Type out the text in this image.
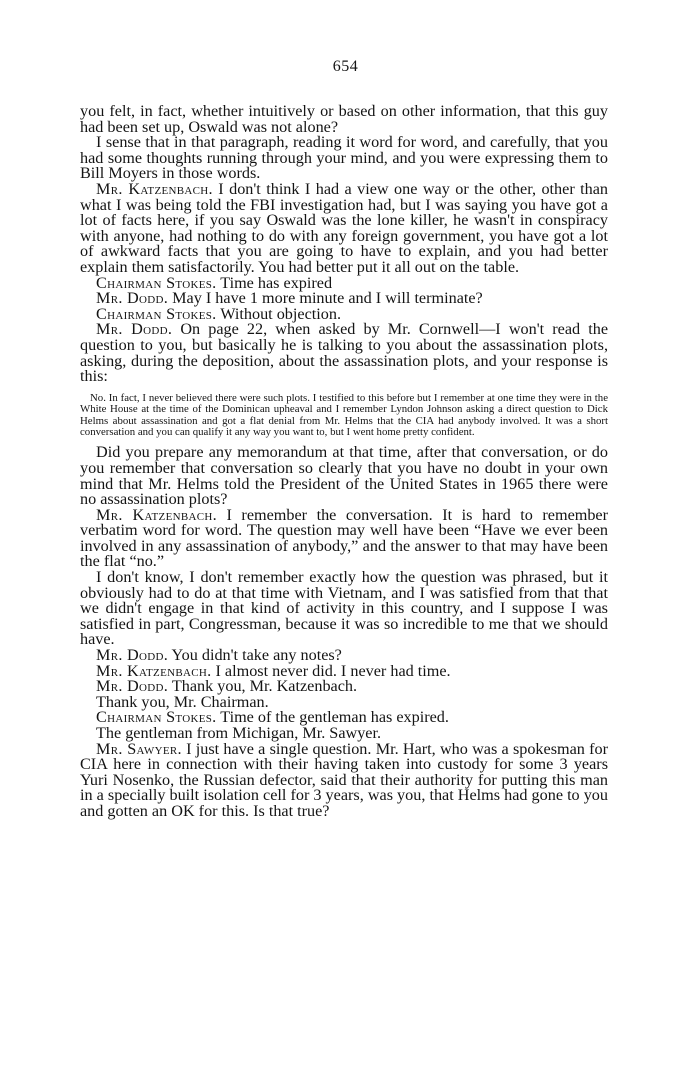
654

you felt, in fact, whether intuitively or based on other information, that this guy had been set up, Oswald was not alone?

I sense that in that paragraph, reading it word for word, and carefully, that you had some thoughts running through your mind, and you were expressing them to Bill Moyers in those words.

Mr. Katzenbach. I don't think I had a view one way or the other, other than what I was being told the FBI investigation had, but I was saying you have got a lot of facts here, if you say Oswald was the lone killer, he wasn't in conspiracy with anyone, had nothing to do with any foreign government, you have got a lot of awkward facts that you are going to have to explain, and you had better explain them satisfactorily. You had better put it all out on the table.

Chairman Stokes. Time has expired

Mr. Dodd. May I have 1 more minute and I will terminate?

Chairman Stokes. Without objection.

Mr. Dodd. On page 22, when asked by Mr. Cornwell—I won't read the question to you, but basically he is talking to you about the assassination plots, asking, during the deposition, about the assassination plots, and your response is this:

No. In fact, I never believed there were such plots. I testified to this before but I remember at one time they were in the White House at the time of the Dominican upheaval and I remember Lyndon Johnson asking a direct question to Dick Helms about assassination and got a flat denial from Mr. Helms that the CIA had anybody involved. It was a short conversation and you can qualify it any way you want to, but I went home pretty confident.

Did you prepare any memorandum at that time, after that conversation, or do you remember that conversation so clearly that you have no doubt in your own mind that Mr. Helms told the President of the United States in 1965 there were no assassination plots?

Mr. Katzenbach. I remember the conversation. It is hard to remember verbatim word for word. The question may well have been “Have we ever been involved in any assassination of anybody,” and the answer to that may have been the flat “no.”

I don't know, I don't remember exactly how the question was phrased, but it obviously had to do at that time with Vietnam, and I was satisfied from that that we didn't engage in that kind of activity in this country, and I suppose I was satisfied in part, Congressman, because it was so incredible to me that we should have.

Mr. Dodd. You didn't take any notes?

Mr. Katzenbach. I almost never did. I never had time.

Mr. Dodd. Thank you, Mr. Katzenbach.

Thank you, Mr. Chairman.

Chairman Stokes. Time of the gentleman has expired.

The gentleman from Michigan, Mr. Sawyer.

Mr. Sawyer. I just have a single question. Mr. Hart, who was a spokesman for CIA here in connection with their having taken into custody for some 3 years Yuri Nosenko, the Russian defector, said that their authority for putting this man in a specially built isolation cell for 3 years, was you, that Helms had gone to you and gotten an OK for this. Is that true?
